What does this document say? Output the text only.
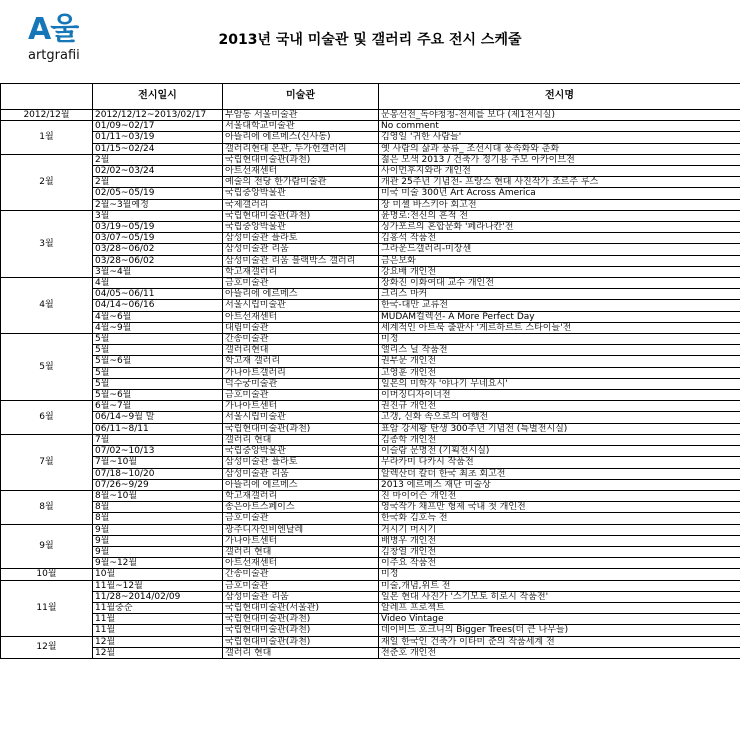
A울
artgrafii
2013년 국내 미술관 및 갤러리 주요 전시 스케줄
	전시일시	미술관	전시명
2012/12월	2012/12/12~2013/02/17	부암동 서울미술관	문봉선전_독야청청-전세를 보다 (제1전시실)
1월	01/09~02/17	서울대학교미술관	No comment
	01/11~03/19	아뜰리에 에르메스(신사동)	김영일 '귀한 사람들'
	01/15~02/24	갤러리현대 본관, 두가헌갤러리	옛 사람의 삶과 풍류_ 조선시대 풍속화와 춘화
2월	2월	국립현대미술관(과천)	젊은 모색 2013 / 건축가 정기용 추모 아카이브전
	02/02~03/24	아트선재센터	사이먼후지와라 개인전
	2월	예술의 전당 한가람미술관	개관 25주년 기념전- 프랑스 현대 사진작가 조르주 루스
	02/05~05/19	국립중앙박물관	미국 미술 300년 Art Across America
	2월~3월예정	국제갤러리	장 미셸 바스키아 회고전
3월	3월	국립현대미술관(과천)	윤명로:전신의 흔적 전
	03/19~05/19	국립중앙박물관	싱가포르의 혼합문화 '페라나칸'전
	03/07~05/19	삼성미술관 플라토	김홍석 작품전
	03/28~06/02	삼성미술관 리움	그라운드갤러리-미장센
	03/28~06/02	삼성미술관 리움 블랙박스 갤러리	금은보화
	3월~4월	학고재갤러리	강요배 개인전
4월	4월	금호미술관	장화진 이화여대 교수 개인전
	04/05~06/11	아뜰리에 에르메스	크리스 마커
	04/14~06/16	서울시립미술관	한국-대만 교류전
	4월~6월	아트선재센터	MUDAM컬렉션- A More Perfect Day
	4월~9월	대림미술관	세계적인 아트북 출판사 '게르하르트 스타이들'전
5월	5월	간송미술관	미정
	5월	갤러리현대	앨리스 닐 작품전
	5월~6월	학고재 갤러리	권부문 개인전
	5월	가나아트갤러리	고영훈 개인전
	5월	덕수궁미술관	일본의 미학자 '야나기 무네요시'
	5월~6월	금호미술관	이머징디자이너전
6월	6월~7월	가나아트센터	권진규 개인전
	06/14~9월 말	서울시립미술관	고갱, 신화 속으로의 여행전
	06/11~8/11	국립현대미술관(과천)	표암 강세황 탄생 300주년 기념전 (특별전시실)
7월	7월	갤러리 현대	김종학 개인전
	07/02~10/13	국립중앙박물관	이슬람 문명전 (기획전시실)
	7월~10월	삼성미술관 플라토	무라카미 다카시 작품전
	07/18~10/20	삼성미술관 리움	알렉산더 칼더 한국 최초 회고전
	07/26~9/29	아뜰리에 에르메스	2013 에르메스 재단 미술상
8월	8월~10월	학고재갤러리	진 마이어슨 개인전
	8월	송은아트스페이스	영국작가 채프만 형제 국내 첫 개인전
	8월	금호미술관	한국화 김호득 전
9월	9월	광주디자인비엔날레	거시기 머시기
	9월	가나아트센터	배병우 개인전
	9월	갤러리 현대	김창열 개인전
	9월~12월	아트선재센터	이주요 작품전
10월	10월	간송미술관	미정
11월	11월~12월	금호미술관	미술,개념,위트 전
	11/28~2014/02/09	삼성미술관 리움	일본 현대 사진가 '스기모토 히로시 작품전'
	11월중순	국립현대미술관(서울관)	알레프 프로젝트
	11월	국립현대미술관(과천)	Video Vintage
	11월	국립현대미술관(과천)	데이비드 호크니의 Bigger Trees(더 큰 나무들)
12월	12월	국립현대미술관(과천)	재일 한국인 건축가 이타미 준의 작품세계 전
	12월	갤러리 현대	전준호 개인전
